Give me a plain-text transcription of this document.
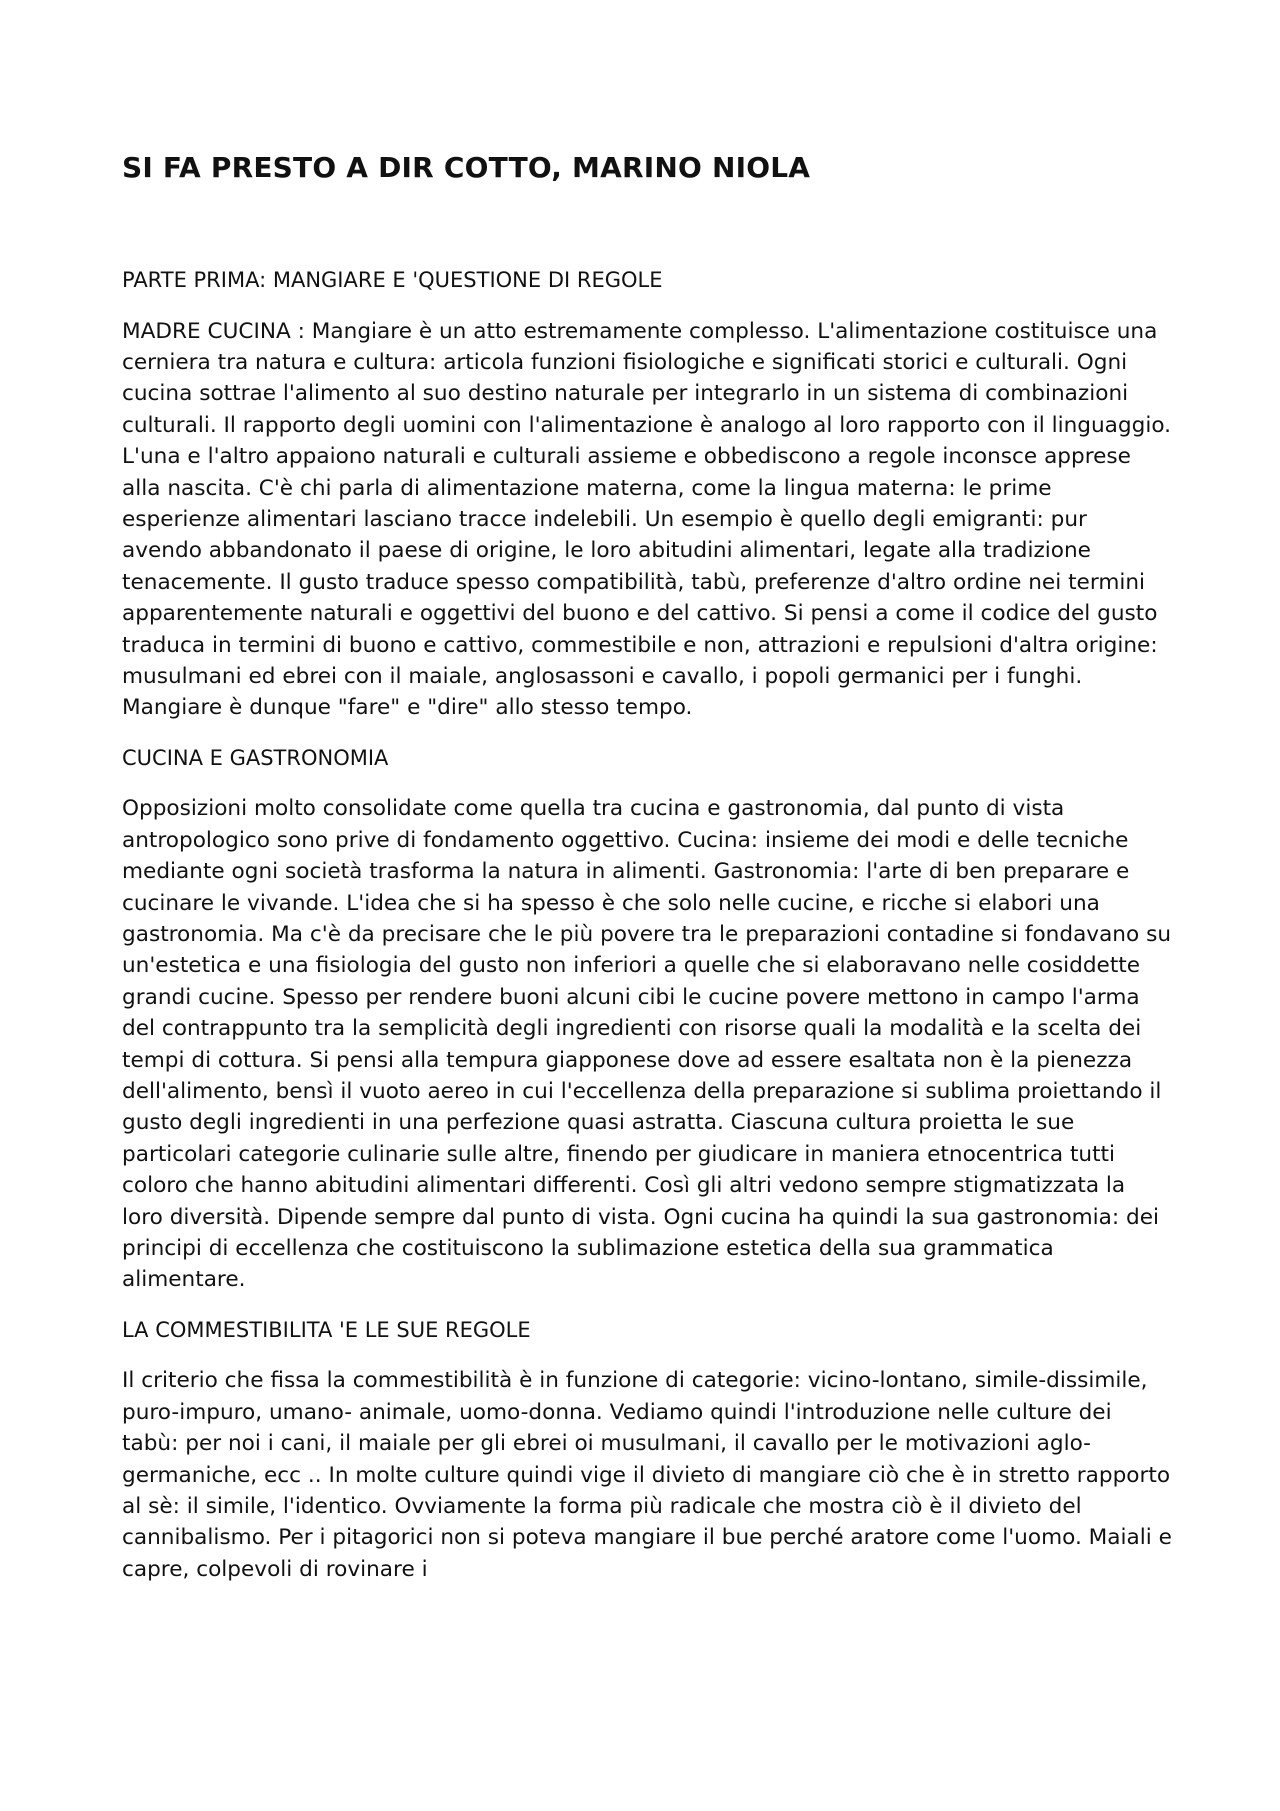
SI FA PRESTO A DIR COTTO, MARINO NIOLA
PARTE PRIMA: MANGIARE E 'QUESTIONE DI REGOLE

MADRE CUCINA : Mangiare è un atto estremamente complesso. L'alimentazione costituisce una cerniera tra natura e cultura: articola funzioni fisiologiche e significati storici e culturali. Ogni cucina sottrae l'alimento al suo destino naturale per integrarlo in un sistema di combinazioni culturali. Il rapporto degli uomini con l'alimentazione è analogo al loro rapporto con il linguaggio. L'una e l'altro appaiono naturali e culturali assieme e obbediscono a regole inconsce apprese alla nascita. C'è chi parla di alimentazione materna, come la lingua materna: le prime esperienze alimentari lasciano tracce indelebili. Un esempio è quello degli emigranti: pur avendo abbandonato il paese di origine, le loro abitudini alimentari, legate alla tradizione tenacemente. Il gusto traduce spesso compatibilità, tabù, preferenze d'altro ordine nei termini apparentemente naturali e oggettivi del buono e del cattivo. Si pensi a come il codice del gusto traduca in termini di buono e cattivo, commestibile e non, attrazioni e repulsioni d'altra origine: musulmani ed ebrei con il maiale, anglosassoni e cavallo, i popoli germanici per i funghi. Mangiare è dunque "fare" e "dire" allo stesso tempo.

CUCINA E GASTRONOMIA

Opposizioni molto consolidate come quella tra cucina e gastronomia, dal punto di vista antropologico sono prive di fondamento oggettivo. Cucina: insieme dei modi e delle tecniche mediante ogni società trasforma la natura in alimenti. Gastronomia: l'arte di ben preparare e cucinare le vivande. L'idea che si ha spesso è che solo nelle cucine, e ricche si elabori una gastronomia. Ma c'è da precisare che le più povere tra le preparazioni contadine si fondavano su un'estetica e una fisiologia del gusto non inferiori a quelle che si elaboravano nelle cosiddette grandi cucine. Spesso per rendere buoni alcuni cibi le cucine povere mettono in campo l'arma del contrappunto tra la semplicità degli ingredienti con risorse quali la modalità e la scelta dei tempi di cottura. Si pensi alla tempura giapponese dove ad essere esaltata non è la pienezza dell'alimento, bensì il vuoto aereo in cui l'eccellenza della preparazione si sublima proiettando il gusto degli ingredienti in una perfezione quasi astratta. Ciascuna cultura proietta le sue particolari categorie culinarie sulle altre, finendo per giudicare in maniera etnocentrica tutti coloro che hanno abitudini alimentari differenti. Così gli altri vedono sempre stigmatizzata la loro diversità. Dipende sempre dal punto di vista. Ogni cucina ha quindi la sua gastronomia: dei principi di eccellenza che costituiscono la sublimazione estetica della sua grammatica alimentare.

LA COMMESTIBILITA 'E LE SUE REGOLE

Il criterio che fissa la commestibilità è in funzione di categorie: vicino-lontano, simile-dissimile, puro-impuro, umano- animale, uomo-donna. Vediamo quindi l'introduzione nelle culture dei tabù: per noi i cani, il maiale per gli ebrei oi musulmani, il cavallo per le motivazioni aglo-germaniche, ecc .. In molte culture quindi vige il divieto di mangiare ciò che è in stretto rapporto al sè: il simile, l'identico. Ovviamente la forma più radicale che mostra ciò è il divieto del cannibalismo. Per i pitagorici non si poteva mangiare il bue perché aratore come l'uomo. Maiali e capre, colpevoli di rovinare i
